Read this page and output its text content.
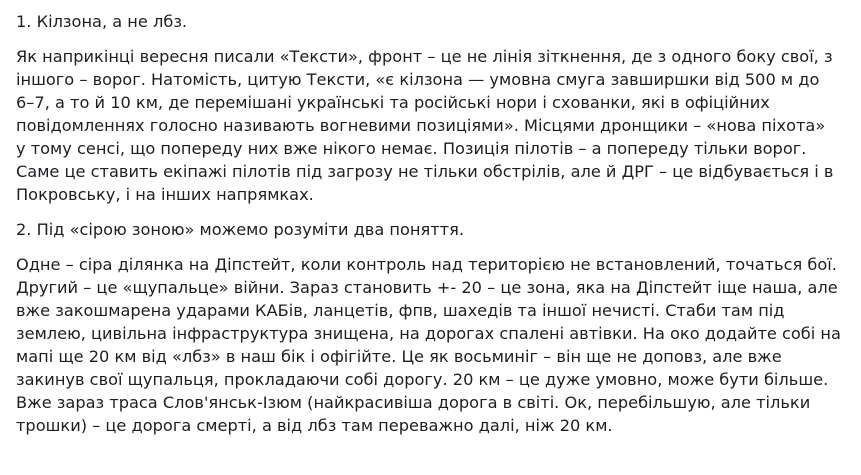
1. Кілзона, а не лбз.

Як наприкінці вересня писали «Тексти», фронт – це не лінія зіткнення, де з одного боку свої, з
іншого – ворог. Натомість, цитую Тексти, «є кілзона — умовна смуга завширшки від 500 м до
6–7, а то й 10 км, де перемішані українські та російські нори і схованки, які в офіційних
повідомленнях голосно називають вогневими позиціями». Місцями дронщики – «нова піхота»
у тому сенсі, що попереду них вже нікого немає. Позиція пілотів – а попереду тільки ворог.
Саме це ставить екіпажі пілотів під загрозу не тільки обстрілів, але й ДРГ – це відбувається і в
Покровську, і на інших напрямках.

2. Під «сірою зоною» можемо розуміти два поняття.

Одне – сіра ділянка на Діпстейт, коли контроль над територією не встановлений, точаться бої.
Другий – це «щупальце» війни. Зараз становить +- 20 – це зона, яка на Діпстейт іще наша, але
вже закошмарена ударами КАБів, ланцетів, фпв, шахедів та іншої нечисті. Стаби там під
землею, цивільна інфраструктура знищена, на дорогах спалені автівки. На око додайте собі на
мапі ще 20 км від «лбз» в наш бік і офігійте. Це як восьминіг – він ще не доповз, але вже
закинув свої щупальця, прокладаючи собі дорогу. 20 км – це дуже умовно, може бути більше.
Вже зараз траса Слов'янськ-Ізюм (найкрасивіша дорога в світі. Ок, перебільшую, але тільки
трошки) – це дорога смерті, а від лбз там переважно далі, ніж 20 км.
